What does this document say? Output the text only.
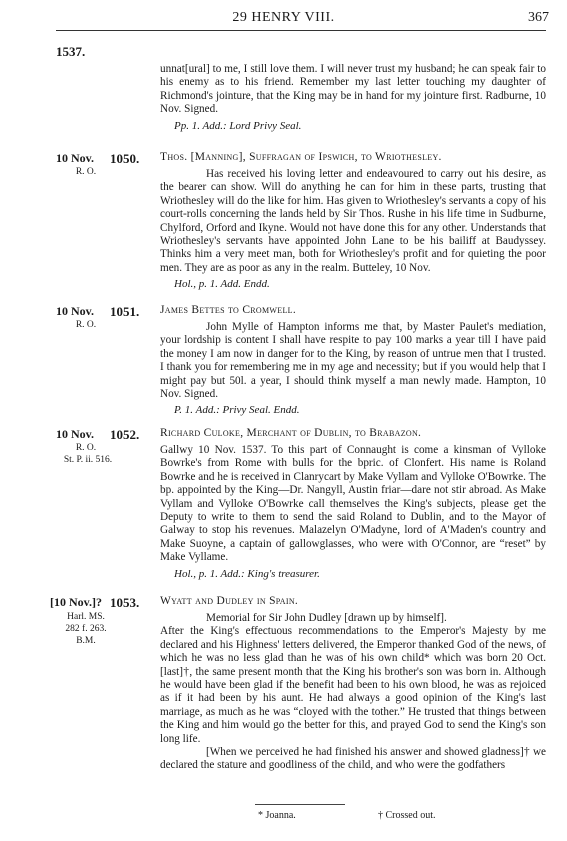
29 HENRY VIII.	367
1537.

unnat[ural] to me, I still love them. I will never trust my husband; he can speak fair to his enemy as to his friend. Remember my last letter touching my daughter of Richmond's jointure, that the King may be in hand for my jointure first. Radburne, 10 Nov. Signed.

Pp. 1. Add.: Lord Privy Seal.

10 Nov. 1050. Thos. [Manning], Suffragan of Ipswich, to Wriothesley.
R. O.	Has received his loving letter and endeavoured to carry out his desire, as the bearer can show. Will do anything he can for him in these parts, trusting that Wriothesley will do the like for him. Has given to Wriothesley's servants a copy of his court-rolls concerning the lands held by Sir Thos. Rushe in his life time in Sudburne, Chylford, Orford and Ikyne. Would not have done this for any other. Understands that Wriothesley's servants have appointed John Lane to be his bailiff at Baudyssey. Thinks him a very meet man, both for Wriothesley's profit and for quieting the poor men. They are as poor as any in the realm. Butteley, 10 Nov.

Hol., p. 1. Add. Endd.

10 Nov. 1051. James Bettes to Cromwell.
R. O.	John Mylle of Hampton informs me that, by Master Paulet's mediation, your lordship is content I shall have respite to pay 100 marks a year till I have paid the money I am now in danger for to the King, by reason of untrue men that I trusted. I thank you for remembering me in my age and necessity; but if you would help that I might pay but 50l. a year, I should think myself a man newly made. Hampton, 10 Nov. Signed.

P. 1. Add.: Privy Seal. Endd.

10 Nov. 1052. Richard Culoke, Merchant of Dublin, to Brabazon.
R. O.
St. P. ii. 516.

Gallwy 10 Nov. 1537. To this part of Connaught is come a kinsman of Vylloke Bowrke's from Rome with bulls for the bpric. of Clonfert. His name is Roland Bowrke and he is received in Clanrycart by Make Vyllam and Vylloke O'Bowrke. The bp. appointed by the King—Dr. Nangyll, Austin friar—dare not stir abroad. As Make Vyllam and Vylloke O'Bowrke call themselves the King's subjects, please get the Deputy to write to them to send the said Roland to Dublin, and to the Mayor of Galway to stop his revenues. Malazelyn O'Madyne, lord of A'Maden's country and Make Suoyne, a captain of gallowglasses, who were with O'Connor, are “reset” by Make Vyllame.

Hol., p. 1. Add.: King's treasurer.

[10 Nov.]? 1053. Wyatt and Dudley in Spain.
Harl. MS.
282 f. 263.
B.M.

Memorial for Sir John Dudley [drawn up by himself].

After the King's effectuous recommendations to the Emperor's Majesty by me declared and his Highness' letters delivered, the Emperor thanked God of the news, of which he was no less glad than he was of his own child* which was born 20 Oct. [last]†, the same present month that the King his brother's son was born in. Although he would have been glad if the benefit had been to his own blood, he was as rejoiced as if it had been by his aunt. He had always a good opinion of the King's last marriage, as much as he was “cloyed with the tother.” He trusted that things between the King and him would go the better for this, and prayed God to send the King's son long life.

[When we perceived he had finished his answer and showed gladness]† we declared the stature and goodliness of the child, and who were the godfathers

* Joanna.	† Crossed out.
